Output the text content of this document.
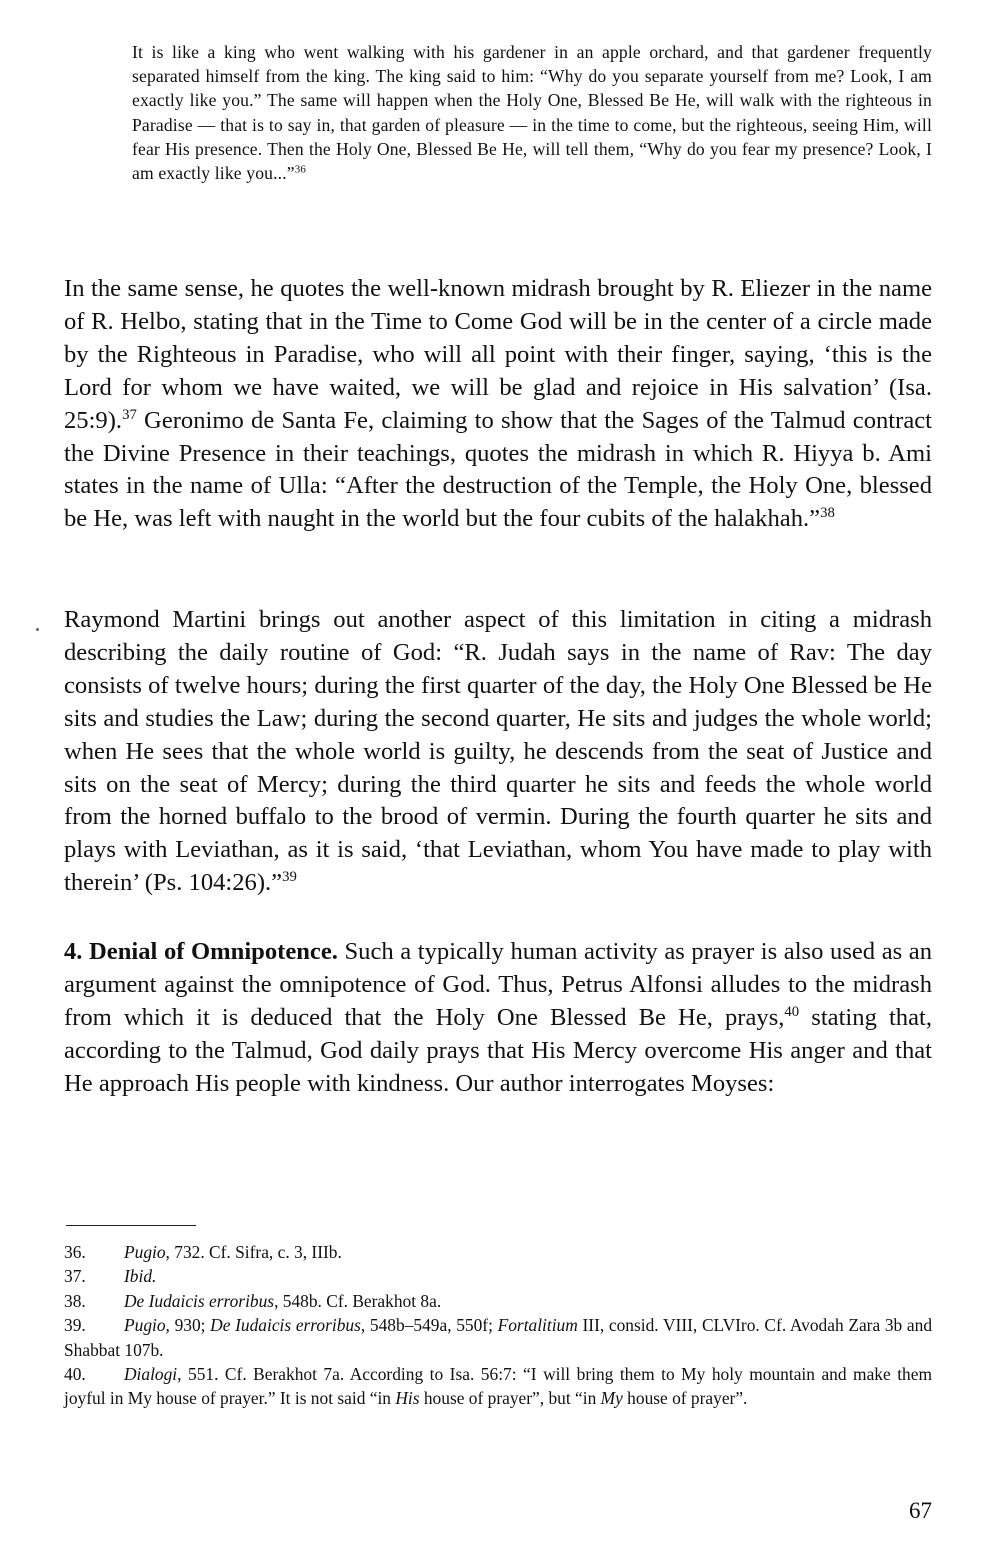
It is like a king who went walking with his gardener in an apple orchard, and that gardener frequently separated himself from the king. The king said to him: “Why do you separate yourself from me? Look, I am exactly like you.” The same will happen when the Holy One, Blessed Be He, will walk with the righteous in Paradise — that is to say in, that garden of pleasure — in the time to come, but the righteous, seeing Him, will fear His presence. Then the Holy One, Blessed Be He, will tell them, “Why do you fear my presence? Look, I am exactly like you...”$^{36}$
In the same sense, he quotes the well-known midrash brought by R. Eliezer in the name of R. Helbo, stating that in the Time to Come God will be in the center of a circle made by the Righteous in Paradise, who will all point with their finger, saying, ‘this is the Lord for whom we have waited, we will be glad and rejoice in His salvation’ (Isa. 25:9).$^{37}$ Geronimo de Santa Fe, claiming to show that the Sages of the Talmud contract the Divine Presence in their teachings, quotes the midrash in which R. Hiyya b. Ami states in the name of Ulla: “After the destruction of the Temple, the Holy One, blessed be He, was left with naught in the world but the four cubits of the halakhah.”$^{38}$
Raymond Martini brings out another aspect of this limitation in citing a midrash describing the daily routine of God: “R. Judah says in the name of Rav: The day consists of twelve hours; during the first quarter of the day, the Holy One Blessed be He sits and studies the Law; during the second quarter, He sits and judges the whole world; when He sees that the whole world is guilty, he descends from the seat of Justice and sits on the seat of Mercy; during the third quarter he sits and feeds the whole world from the horned buffalo to the brood of vermin. During the fourth quarter he sits and plays with Leviathan, as it is said, ‘that Leviathan, whom You have made to play with therein’ (Ps. 104:26).”$^{39}$
4. Denial of Omnipotence. Such a typically human activity as prayer is also used as an argument against the omnipotence of God. Thus, Petrus Alfonsi alludes to the midrash from which it is deduced that the Holy One Blessed Be He, prays,$^{40}$ stating that, according to the Talmud, God daily prays that His Mercy overcome His anger and that He approach His people with kindness. Our author interrogates Moyses:

36. Pugio, 732. Cf. Sifra, c. 3, IIIb.

37. Ibid.

38. De Iudaicis erroribus, 548b. Cf. Berakhot 8a.

39. Pugio, 930; De Iudaicis erroribus, 548b–549a, 550f; Fortalitium III, consid. VIII, CLVIro. Cf. Avodah Zara 3b and Shabbat 107b.

40. Dialogi, 551. Cf. Berakhot 7a. According to Isa. 56:7: “I will bring them to My holy mountain and make them joyful in My house of prayer.” It is not said “in His house of prayer”, but “in My house of prayer”.

67
